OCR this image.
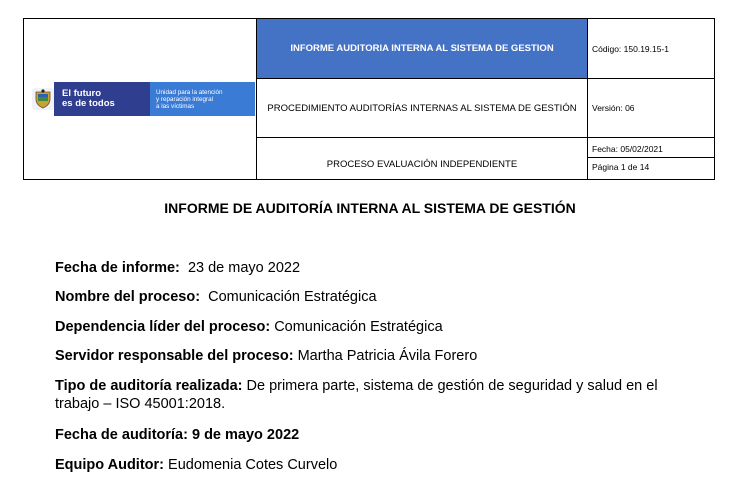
El futuro
es de todos
Unidad para la atención
y reparación integral
a las víctimas	INFORME AUDITORIA INTERNA AL SISTEMA DE GESTION	Código: 150.19.15-1
	PROCEDIMIENTO AUDITORÍAS INTERNAS AL SISTEMA DE GESTIÓN	Versión: 06

	PROCESO EVALUACIÓN INDEPENDIENTE	Fecha: 05/02/2021
Página 1 de 14
INFORME DE AUDITORÍA INTERNA AL SISTEMA DE GESTIÓN
Fecha de informe: 23 de mayo 2022
Nombre del proceso: Comunicación Estratégica
Dependencia líder del proceso: Comunicación Estratégica
Servidor responsable del proceso: Martha Patricia Ávila Forero
Tipo de auditoría realizada: De primera parte, sistema de gestión de seguridad y salud en el trabajo – ISO 45001:2018.
Fecha de auditoría: 9 de mayo 2022
Equipo Auditor: Eudomenia Cotes Curvelo
